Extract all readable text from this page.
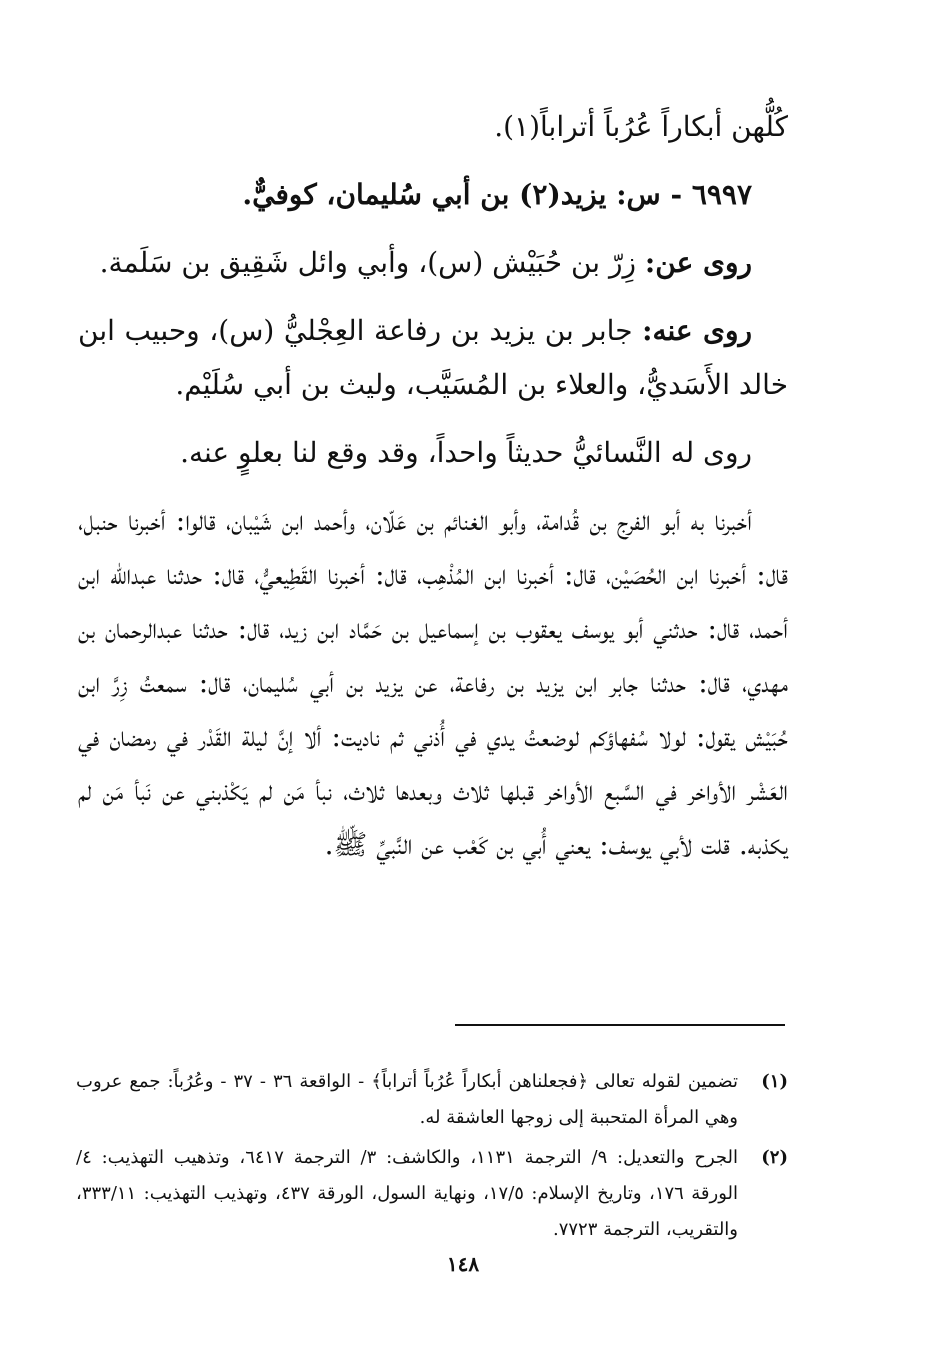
كُلُّهن أبكاراً عُرُباً أتراباً(١).

٦٩٩٧ - س: يزيد(٢) بن أبي سُليمان، كوفيٌّ.

روى عن: زِرّ بن حُبَيْش (س)، وأبي وائل شَقِيق بن سَلَمة.

روى عنه: جابر بن يزيد بن رفاعة العِجْليُّ (س)، وحبيب ابن خالد الأَسَديُّ، والعلاء بن المُسَيَّب، وليث بن أبي سُلَيْم.

روى له النَّسائيُّ حديثاً واحداً، وقد وقع لنا بعلوٍ عنه.

أخبرنا به أبو الفرج بن قُدامة، وأبو الغنائم بن عَلّان، وأحمد ابن شَيْبان، قالوا: أخبرنا حنبل، قال: أخبرنا ابن الحُصَيْن، قال: أخبرنا ابن المُذْهِب، قال: أخبرنا القَطِيعيُّ، قال: حدثنا عبدالله ابن أحمد، قال: حدثني أبو يوسف يعقوب بن إسماعيل بن حَمَّاد ابن زيد، قال: حدثنا عبدالرحمان بن مهدي، قال: حدثنا جابر ابن يزيد بن رفاعة، عن يزيد بن أبي سُليمان، قال: سمعتُ زِرَّ ابن حُبَيْش يقول: لولا سُفهاؤكم لوضعتُ يدي في أُذني ثم ناديت: ألا إنَّ ليلة القَدْر في رمضان في العَشْر الأواخر في السَّبع الأواخر قبلها ثلاث وبعدها ثلاث، نبأ مَن لم يَكْذبني عن نَبأ مَن لم يكذبه. قلت لأبي يوسف: يعني أُبي بن كَعْب عن النَّبيِّ ﷺ.

(١)
تضمين لقوله تعالى ﴿فجعلناهن أبكاراً عُرُباً أتراباً﴾ - الواقعة ٣٦ - ٣٧ - وعُرُباً: جمع عروب وهي المرأة المتحببة إلى زوجها العاشقة له.
(٢)
الجرح والتعديل: ٩/ الترجمة ١١٣١، والكاشف: ٣/ الترجمة ٦٤١٧، وتذهيب التهذيب: ٤/ الورقة ١٧٦، وتاريخ الإسلام: ١٧/٥، ونهاية السول، الورقة ٤٣٧، وتهذيب التهذيب: ٣٣٣/١١، والتقريب، الترجمة ٧٧٢٣.
١٤٨
